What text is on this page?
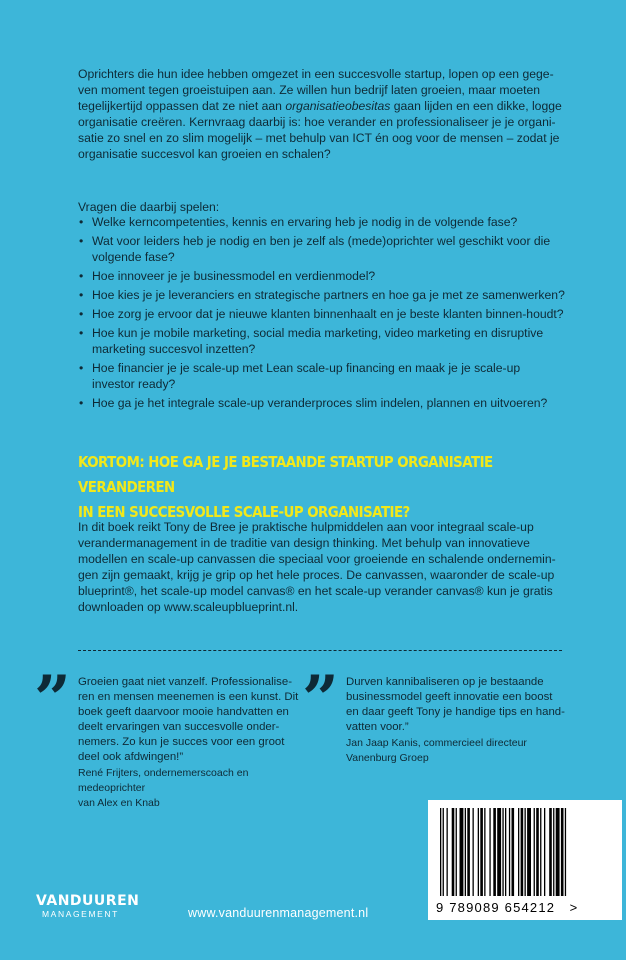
Oprichters die hun idee hebben omgezet in een succesvolle startup, lopen op een gege-ven moment tegen groeistuipen aan. Ze willen hun bedrijf laten groeien, maar moeten tegelijkertijd oppassen dat ze niet aan organisatieobesitas gaan lijden en een dikke, logge organisatie creëren. Kernvraag daarbij is: hoe verander en professionaliseer je je organi-satie zo snel en zo slim mogelijk – met behulp van ICT én oog voor de mensen – zodat je organisatie succesvol kan groeien en schalen?

Vragen die daarbij spelen:

• Welke kerncompetenties, kennis en ervaring heb je nodig in de volgende fase?
• Wat voor leiders heb je nodig en ben je zelf als (mede)oprichter wel geschikt voor die volgende fase?
• Hoe innoveer je je businessmodel en verdienmodel?
• Hoe kies je je leveranciers en strategische partners en hoe ga je met ze samenwerken?
• Hoe zorg je ervoor dat je nieuwe klanten binnenhaalt en je beste klanten binnen-houdt?
• Hoe kun je mobile marketing, social media marketing, video marketing en disruptive marketing succesvol inzetten?
• Hoe financier je je scale-up met Lean scale-up financing en maak je je scale-up investor ready?
• Hoe ga je het integrale scale-up veranderproces slim indelen, plannen en uitvoeren?
KORTOM: HOE GA JE JE BESTAANDE STARTUP ORGANISATIE VERANDEREN
IN EEN SUCCESVOLLE SCALE-UP ORGANISATIE?

In dit boek reikt Tony de Bree je praktische hulpmiddelen aan voor integraal scale-up verandermanagement in de traditie van design thinking. Met behulp van innovatieve modellen en scale-up canvassen die speciaal voor groeiende en schalende ondernemin-gen zijn gemaakt, krijg je grip op het hele proces. De canvassen, waaronder de scale-up blueprint®, het scale-up model canvas® en het scale-up verander canvas® kun je gratis downloaden op www.scaleupblueprint.nl.

” Groeien gaat niet vanzelf. Professionalise-ren en mensen meenemen is een kunst. Dit boek geeft daarvoor mooie handvatten en deelt ervaringen van succesvolle onder-nemers. Zo kun je succes voor een groot deel ook afdwingen!”
René Frijters, ondernemerscoach en medeoprichter
van Alex en Knab

” Durven kannibaliseren op je bestaande businessmodel geeft innovatie een boost en daar geeft Tony je handige tips en hand-vatten voor.”
Jan Jaap Kanis, commercieel directeur
Vanenburg Groep

VANDUUREN
MANAGEMENT	www.vanduurenmanagement.nl	9 789089 654212 >
